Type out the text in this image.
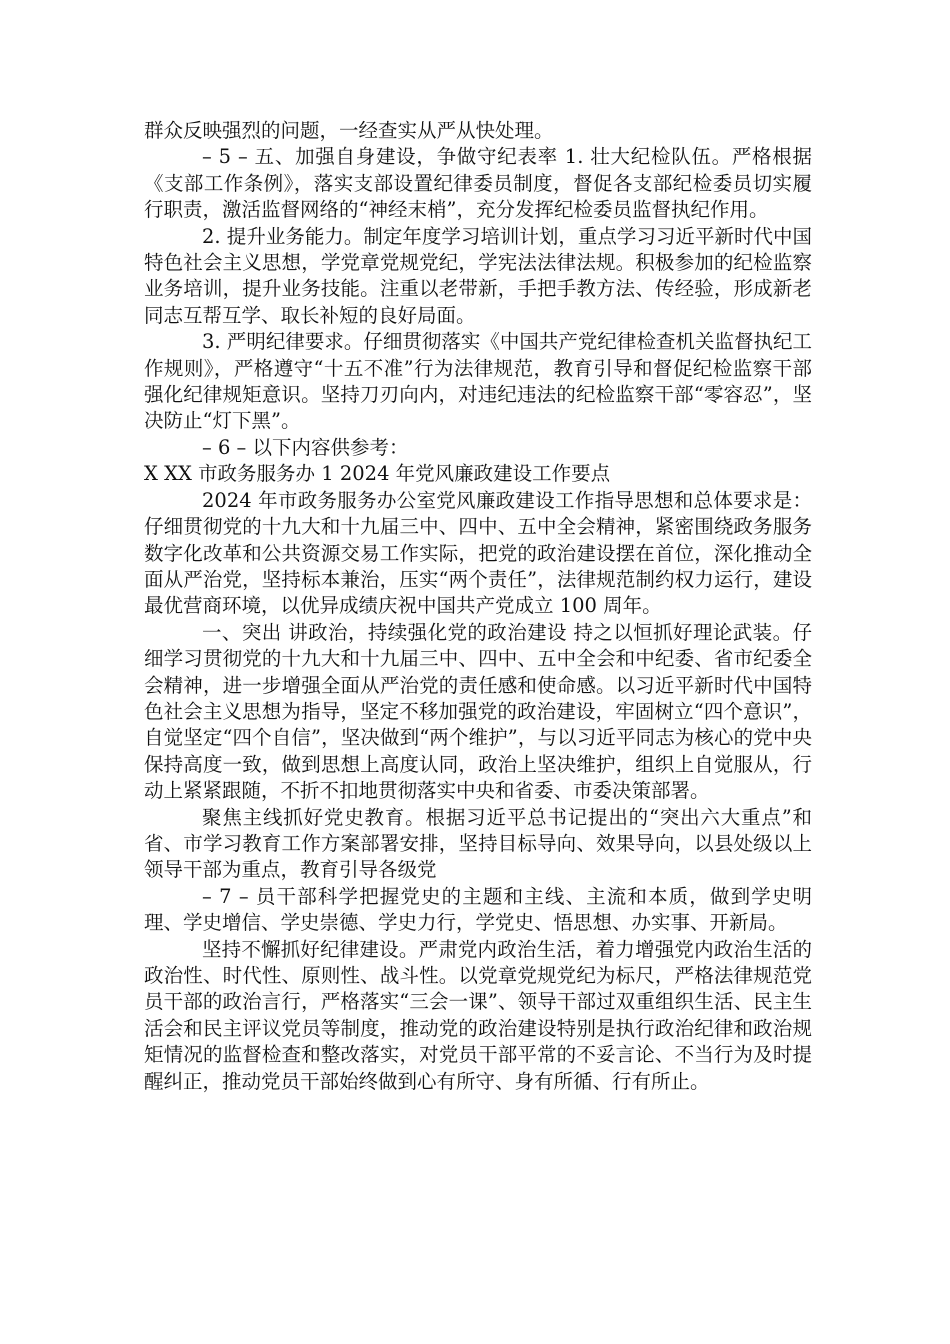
群众反映强烈的问题，一经查实从严从快处理。

– 5 – 五、加强自身建设，争做守纪表率 1. 壮大纪检队伍。严格根据《支部工作条例》，落实支部设置纪律委员制度，督促各支部纪检委员切实履行职责，激活监督网络的“神经末梢”，充分发挥纪检委员监督执纪作用。

2. 提升业务能力。制定年度学习培训计划，重点学习习近平新时代中国特色社会主义思想，学党章党规党纪，学宪法法律法规。积极参加的纪检监察业务培训，提升业务技能。注重以老带新，手把手教方法、传经验，形成新老同志互帮互学、取长补短的良好局面。

3. 严明纪律要求。仔细贯彻落实《中国共产党纪律检查机关监督执纪工作规则》，严格遵守“十五不准”行为法律规范，教育引导和督促纪检监察干部强化纪律规矩意识。坚持刀刃向内，对违纪违法的纪检监察干部“零容忍”，坚决防止“灯下黑”。

– 6 – 以下内容供参考：

X XX 市政务服务办 1 2024 年党风廉政建设工作要点

2024 年市政务服务办公室党风廉政建设工作指导思想和总体要求是：仔细贯彻党的十九大和十九届三中、四中、五中全会精神，紧密围绕政务服务数字化改革和公共资源交易工作实际，把党的政治建设摆在首位，深化推动全面从严治党，坚持标本兼治，压实“两个责任”，法律规范制约权力运行，建设最优营商环境，以优异成绩庆祝中国共产党成立 100 周年。

一、突出 讲政治，持续强化党的政治建设 持之以恒抓好理论武装。仔细学习贯彻党的十九大和十九届三中、四中、五中全会和中纪委、省市纪委全会精神，进一步增强全面从严治党的责任感和使命感。以习近平新时代中国特色社会主义思想为指导，坚定不移加强党的政治建设，牢固树立“四个意识”，自觉坚定“四个自信”，坚决做到“两个维护”，与以习近平同志为核心的党中央保持高度一致，做到思想上高度认同，政治上坚决维护，组织上自觉服从，行动上紧紧跟随，不折不扣地贯彻落实中央和省委、市委决策部署。

聚焦主线抓好党史教育。根据习近平总书记提出的“突出六大重点”和省、市学习教育工作方案部署安排，坚持目标导向、效果导向，以县处级以上领导干部为重点，教育引导各级党

– 7 – 员干部科学把握党史的主题和主线、主流和本质，做到学史明理、学史增信、学史崇德、学史力行，学党史、悟思想、办实事、开新局。

坚持不懈抓好纪律建设。严肃党内政治生活，着力增强党内政治生活的政治性、时代性、原则性、战斗性。以党章党规党纪为标尺，严格法律规范党员干部的政治言行，严格落实“三会一课”、领导干部过双重组织生活、民主生活会和民主评议党员等制度，推动党的政治建设特别是执行政治纪律和政治规矩情况的监督检查和整改落实，对党员干部平常的不妥言论、不当行为及时提醒纠正，推动党员干部始终做到心有所守、身有所循、行有所止。
